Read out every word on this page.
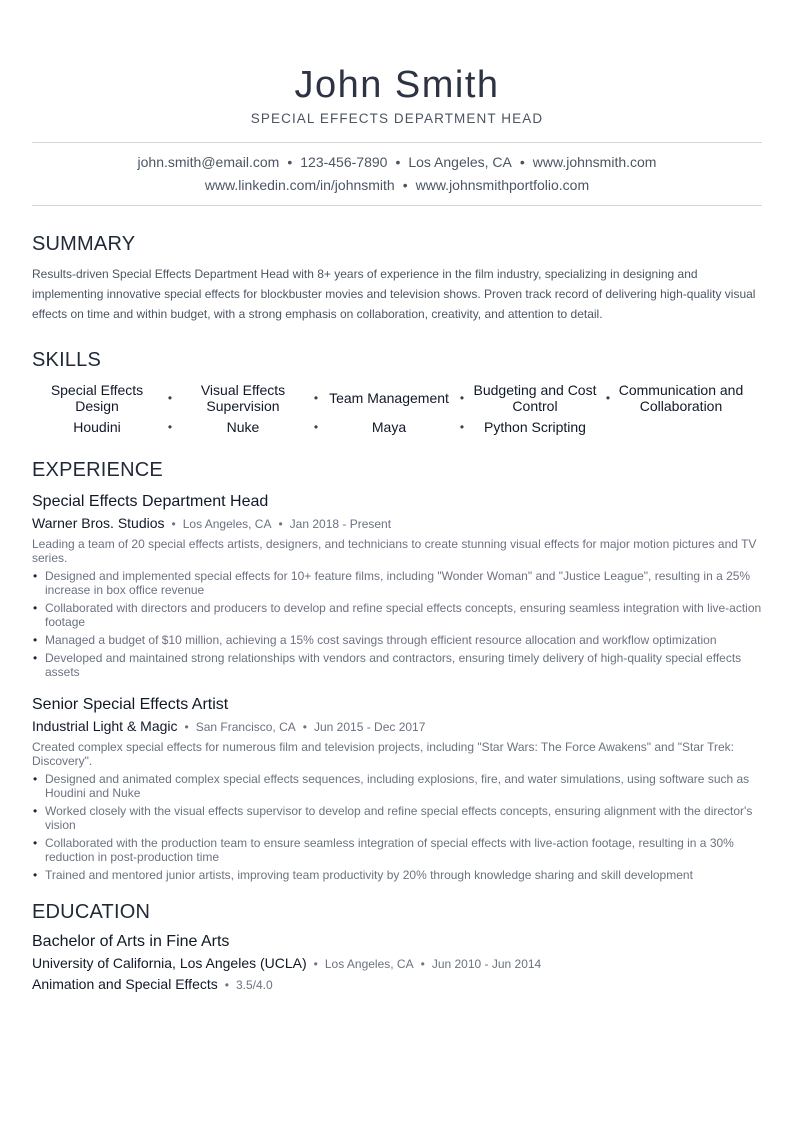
John Smith
SPECIAL EFFECTS DEPARTMENT HEAD
john.smith@email.com • 123-456-7890 • Los Angeles, CA • www.johnsmith.com
www.linkedin.com/in/johnsmith • www.johnsmithportfolio.com
SUMMARY

Results-driven Special Effects Department Head with 8+ years of experience in the film industry, specializing in designing and implementing innovative special effects for blockbuster movies and television shows. Proven track record of delivering high-quality visual effects on time and within budget, with a strong emphasis on collaboration, creativity, and attention to detail.

SKILLS
Special Effects Design	•	Visual Effects Supervision	• Team Management • Budgeting and Cost Control	• Communication and Collaboration
Houdini	•	Nuke	•	Maya	•	Python Scripting
EXPERIENCE
Special Effects Department Head
Warner Bros. Studios • Los Angeles, CA • Jan 2018 - Present
Leading a team of 20 special effects artists, designers, and technicians to create stunning visual effects for major motion pictures and TV series.
• Designed and implemented special effects for 10+ feature films, including "Wonder Woman" and "Justice League", resulting in a 25% increase in box office revenue
• Collaborated with directors and producers to develop and refine special effects concepts, ensuring seamless integration with live-action footage
• Managed a budget of $10 million, achieving a 15% cost savings through efficient resource allocation and workflow optimization
• Developed and maintained strong relationships with vendors and contractors, ensuring timely delivery of high-quality special effects assets
Senior Special Effects Artist
Industrial Light & Magic • San Francisco, CA • Jun 2015 - Dec 2017
Created complex special effects for numerous film and television projects, including "Star Wars: The Force Awakens" and "Star Trek: Discovery".
• Designed and animated complex special effects sequences, including explosions, fire, and water simulations, using software such as Houdini and Nuke
• Worked closely with the visual effects supervisor to develop and refine special effects concepts, ensuring alignment with the director's vision
• Collaborated with the production team to ensure seamless integration of special effects with live-action footage, resulting in a 30% reduction in post-production time
• Trained and mentored junior artists, improving team productivity by 20% through knowledge sharing and skill development
EDUCATION
Bachelor of Arts in Fine Arts
University of California, Los Angeles (UCLA) • Los Angeles, CA • Jun 2010 - Jun 2014
Animation and Special Effects • 3.5/4.0
